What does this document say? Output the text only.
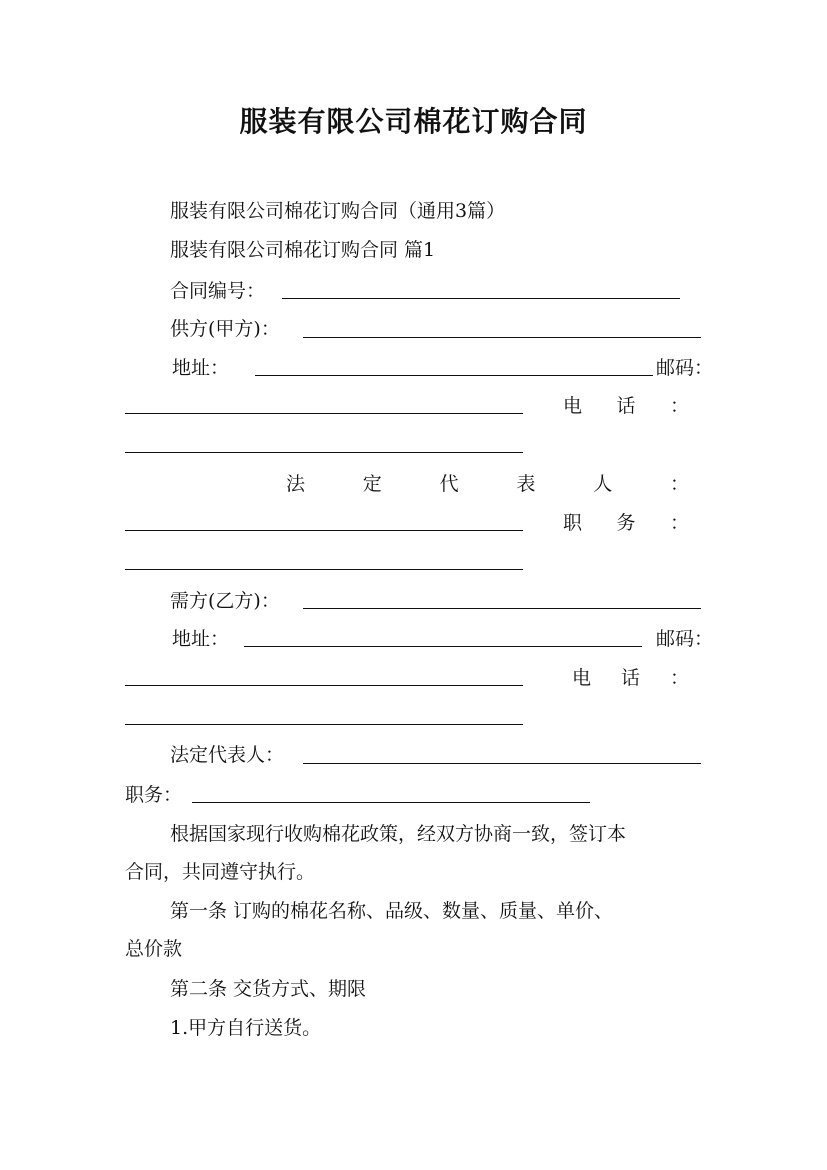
服装有限公司棉花订购合同
服装有限公司棉花订购合同（通用3篇）
服装有限公司棉花订购合同 篇1
合同编号：
供方(甲方)：
地址：	邮码：
电 话 ：
法	定	代	表	人	：
职 务 ：
需方(乙方)：
地址：	邮码：
电 话 ：
法定代表人：
职务：
根据国家现行收购棉花政策，经双方协商一致，签订本
合同，共同遵守执行。
第一条 订购的棉花名称、品级、数量、质量、单价、
总价款
第二条 交货方式、期限
1.甲方自行送货。
